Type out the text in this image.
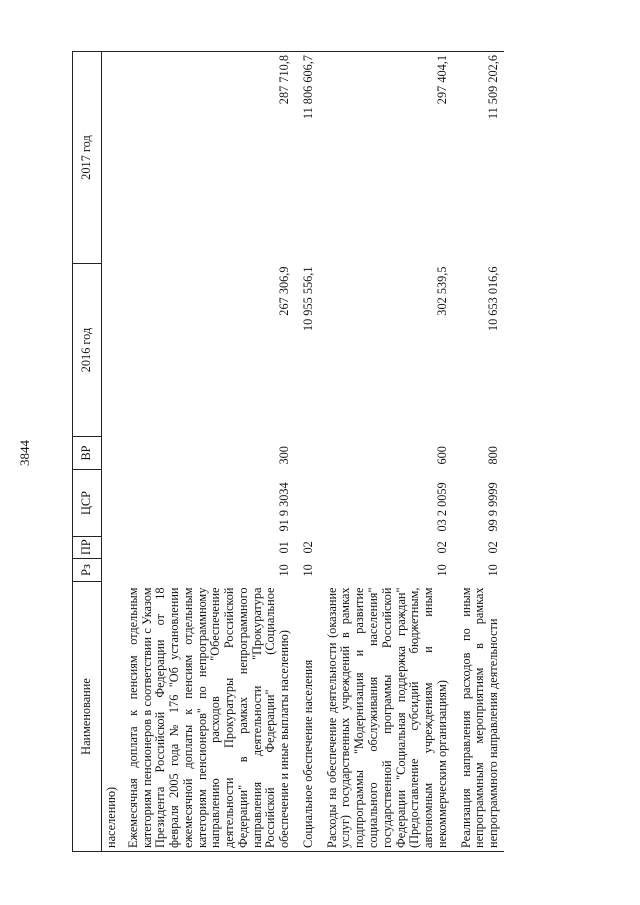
3844
Наименование	Рз	ПР	ЦСР	ВР	2016 год	2017 год
населению)						
Ежемесячная доплата к пенсиям отдельным категориям пенсионеров в соответствии с Указом Президента Российской Федерации от 18 февраля 2005 года № 176 "Об установлении ежемесячной доплаты к пенсиям отдельным категориям пенсионеров" по непрограммному направлению расходов "Обеспечение деятельности Прокуратуры Российской Федерации" в рамках непрограммного направления деятельности "Прокуратура Российской Федерации" (Социальное обеспечение и иные выплаты населению)	10	01	91 9 3034	300	267 306,9	287 710,8
Социальное обеспечение населения	10	02			10 955 556,1	11 806 606,7
Расходы на обеспечение деятельности (оказание услуг) государственных учреждений в рамках подпрограммы "Модернизация и развитие социального обслуживания населения" государственной программы Российской Федерации "Социальная поддержка граждан" (Предоставление субсидий бюджетным, автономным учреждениям и иным некоммерческим организациям)	10	02	03 2 0059	600	302 539,5	297 404,1
Реализация направления расходов по иным непрограммным мероприятиям в рамках непрограммного направления деятельности	10	02	99 9 9999	800	10 653 016,6	11 509 202,6
